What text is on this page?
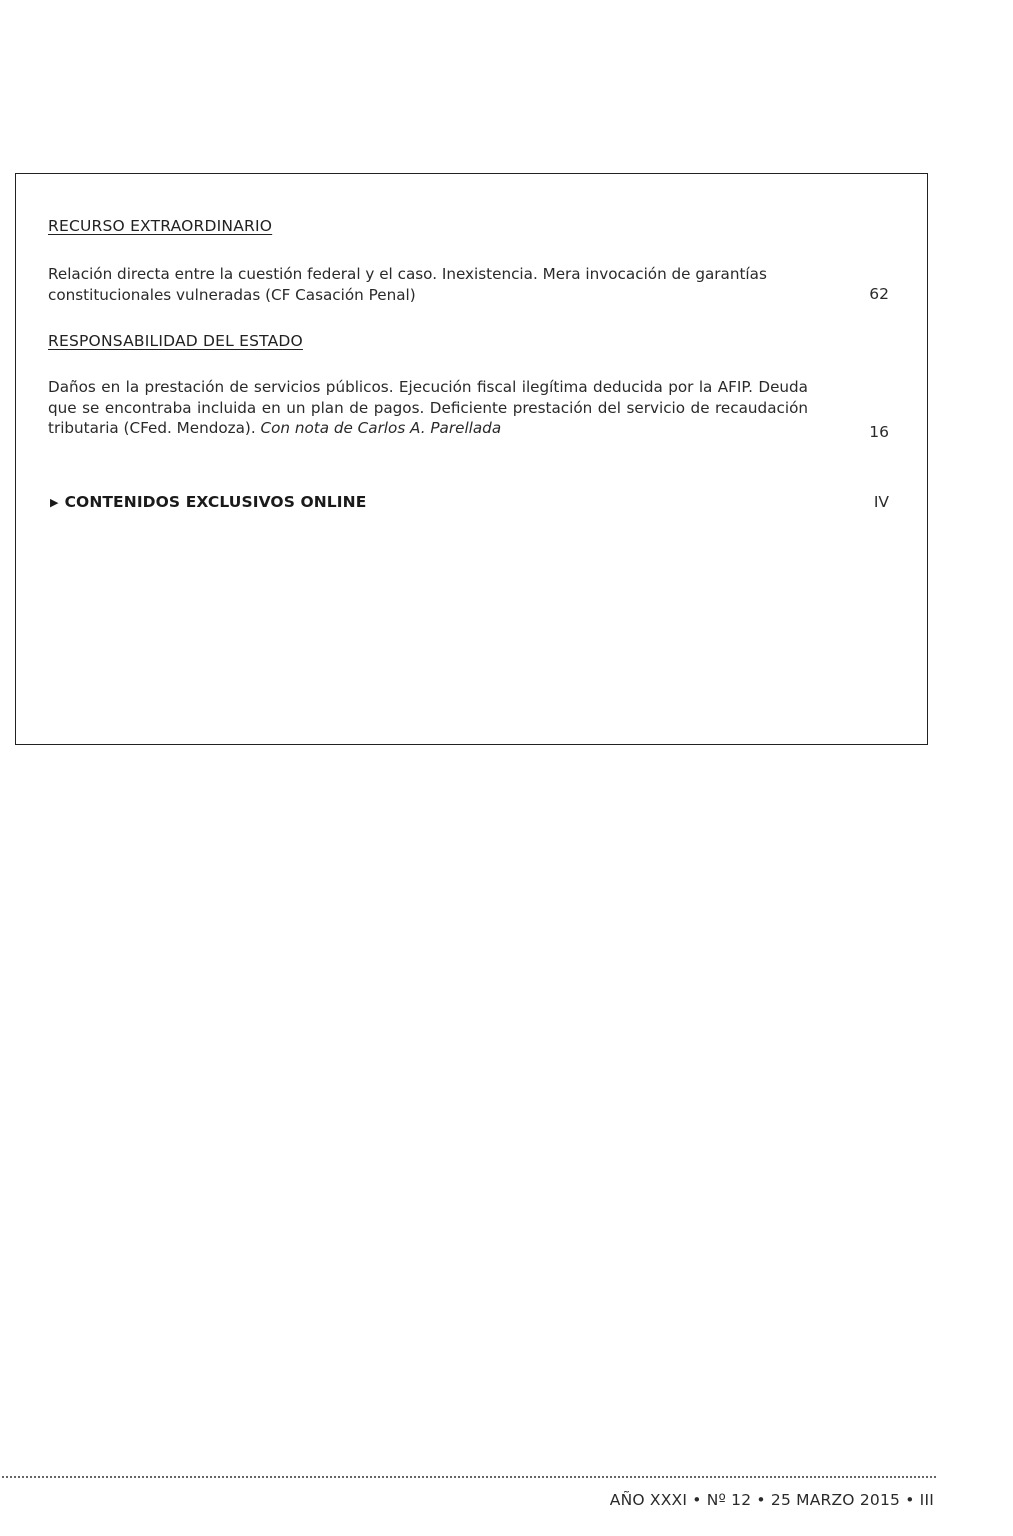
RECURSO EXTRAORDINARIO

Relación directa entre la cuestión federal y el caso. Inexistencia. Mera invocación de garantías constitucionales vulneradas (CF Casación Penal)	62
RESPONSABILIDAD DEL ESTADO

Daños en la prestación de servicios públicos. Ejecución fiscal ilegítima deducida por la AFIP. Deuda que se encontraba incluida en un plan de pagos. Deficiente prestación del servicio de recaudación tributaria (CFed. Mendoza). Con nota de Carlos A. Parellada	16
▶ CONTENIDOS EXCLUSIVOS ONLINE	IV
AÑO XXXI • Nº 12 • 25 MARZO 2015 • III
